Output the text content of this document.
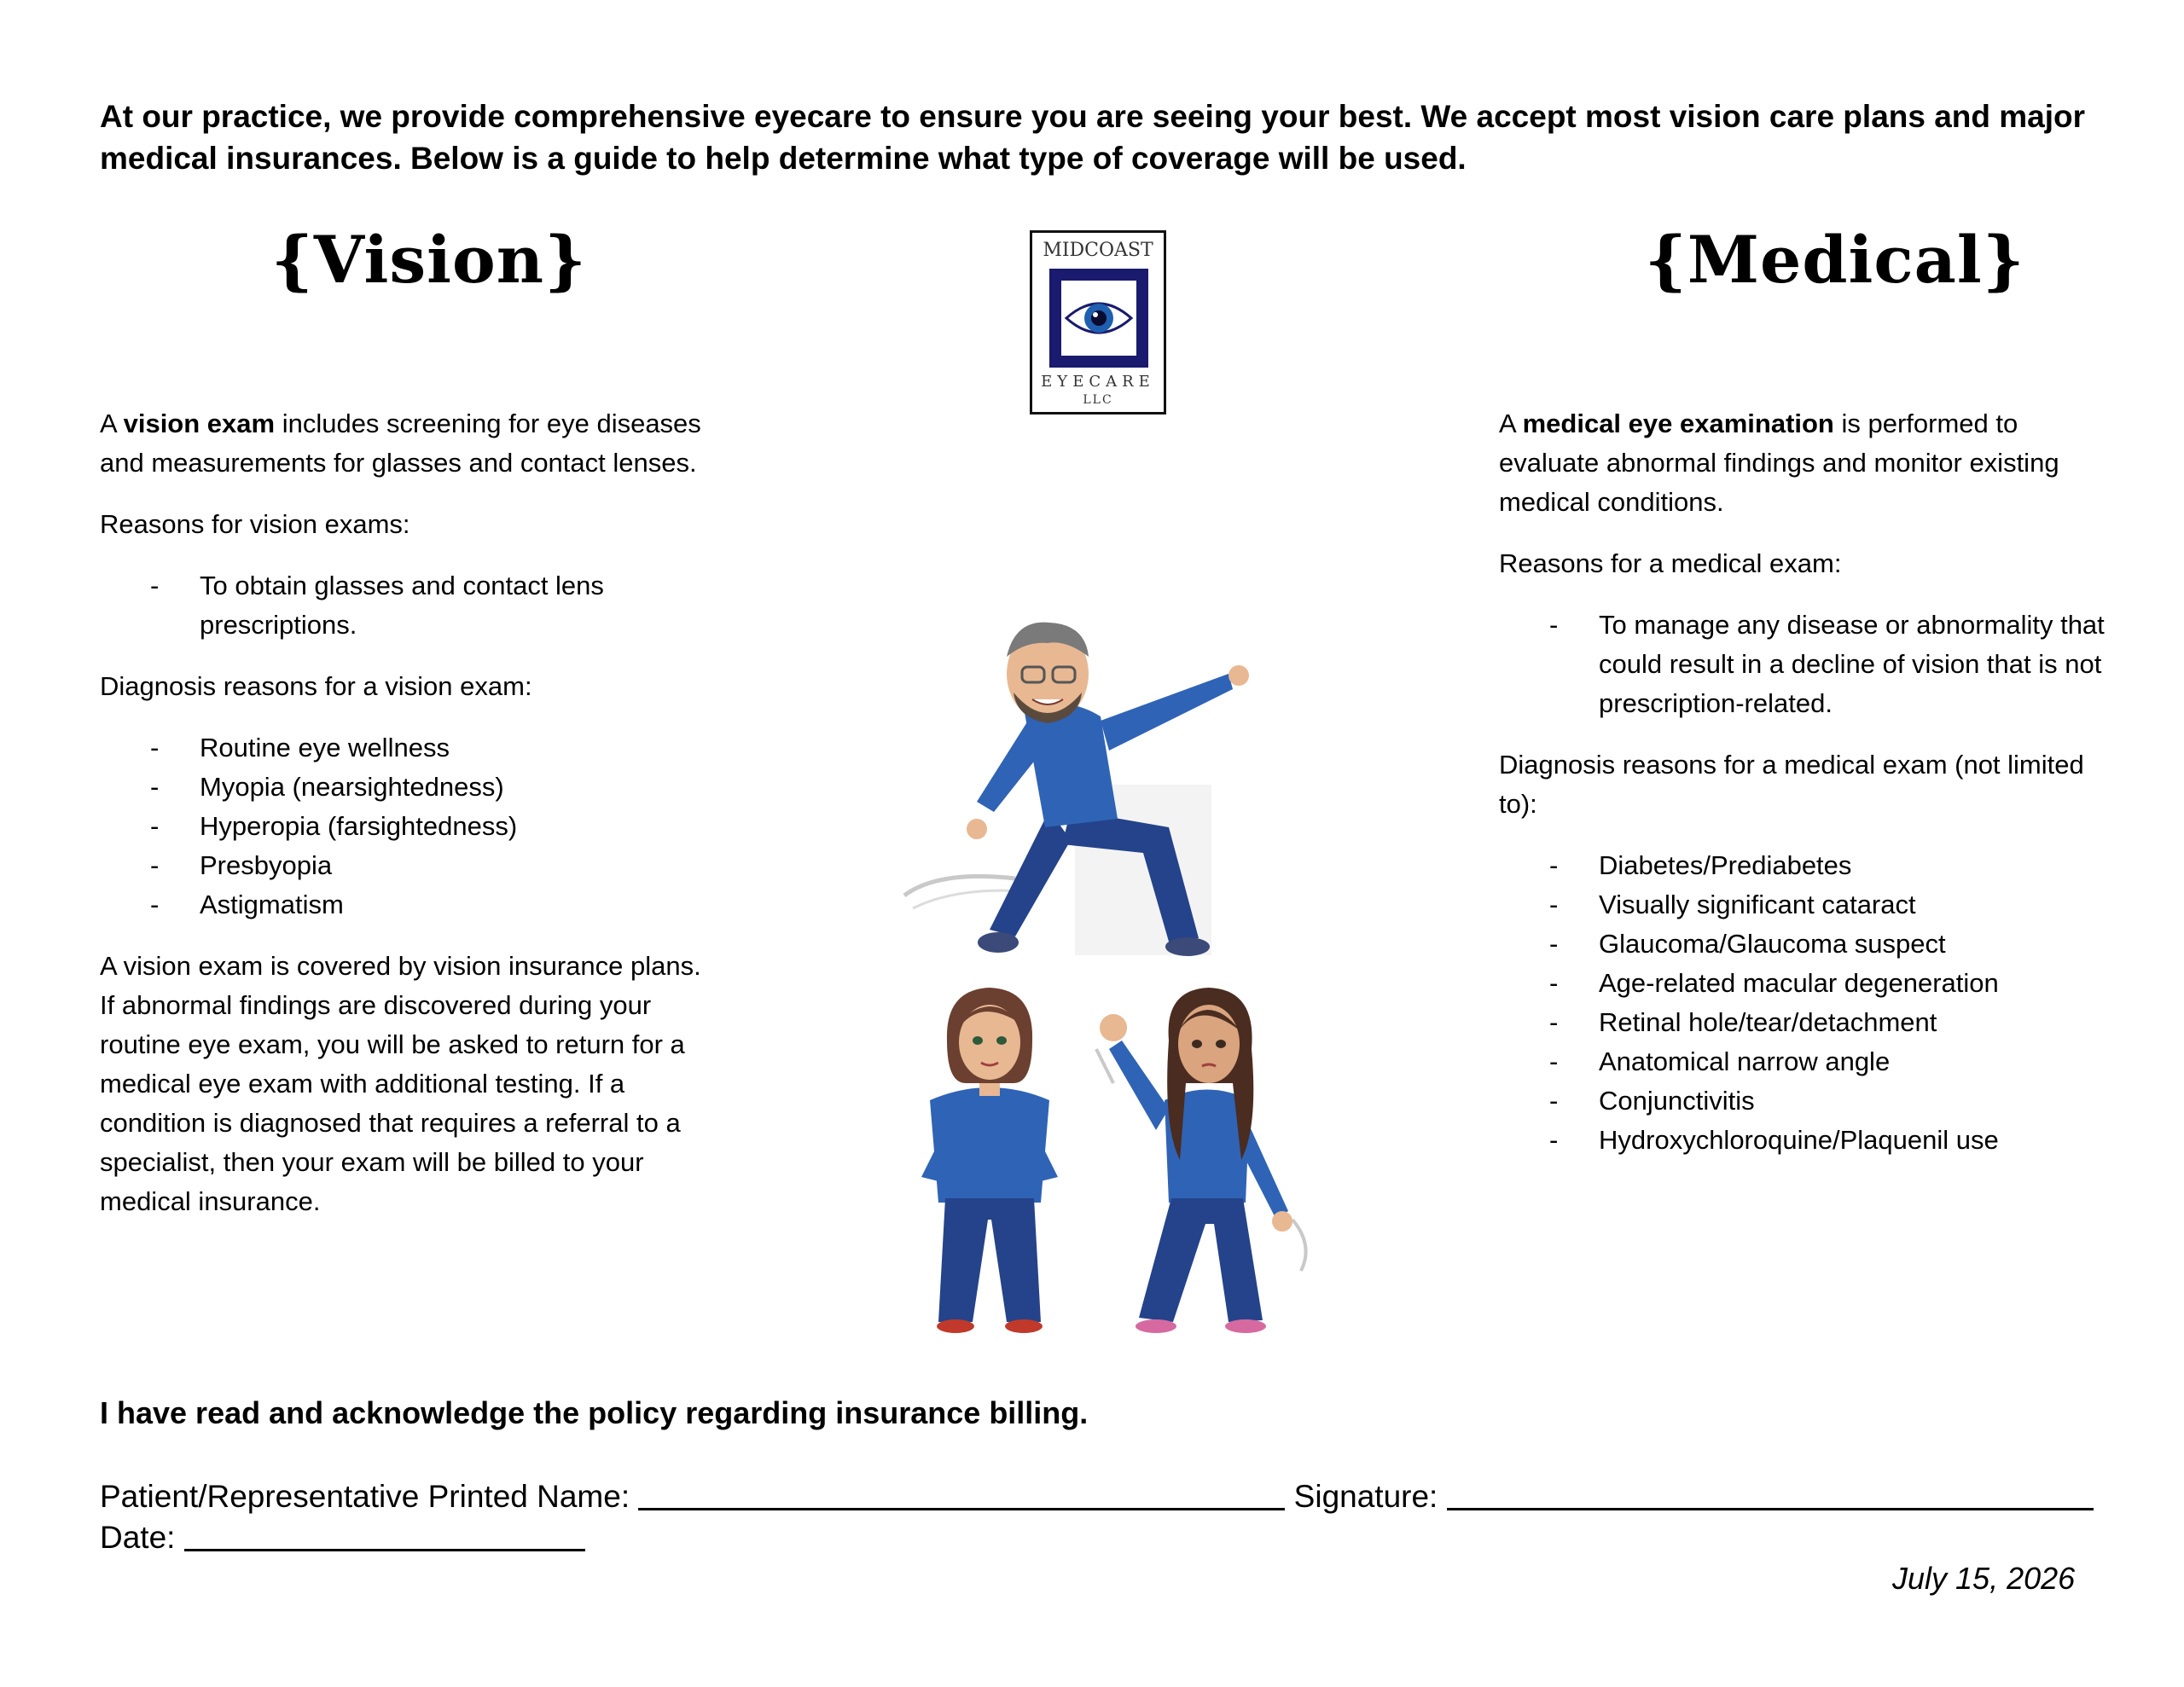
At our practice, we provide comprehensive eyecare to ensure you are seeing your best. We accept most vision care plans and major medical insurances. Below is a guide to help determine what type of coverage will be used.
{Vision}	{Medical}
MIDCOAST
EYECARE
LLC

A vision exam includes screening for eye diseases and measurements for glasses and contact lenses.

Reasons for vision exams:

- To obtain glasses and contact lens prescriptions.

Diagnosis reasons for a vision exam:

- Routine eye wellness
- Myopia (nearsightedness)
- Hyperopia (farsightedness)
- Presbyopia
- Astigmatism

A vision exam is covered by vision insurance plans. If abnormal findings are discovered during your routine eye exam, you will be asked to return for a medical eye exam with additional testing. If a condition is diagnosed that requires a referral to a specialist, then your exam will be billed to your medical insurance.

A medical eye examination is performed to evaluate abnormal findings and monitor existing medical conditions.

Reasons for a medical exam:

- To manage any disease or abnormality that could result in a decline of vision that is not prescription-related.

Diagnosis reasons for a medical exam (not limited to):

- Diabetes/Prediabetes
- Visually significant cataract
- Glaucoma/Glaucoma suspect
- Age-related macular degeneration
- Retinal hole/tear/detachment
- Anatomical narrow angle
- Conjunctivitis
- Hydroxychloroquine/Plaquenil use
I have read and acknowledge the policy regarding insurance billing.
Patient/Representative Printed Name:	Signature:
Date:
July 15, 2026
